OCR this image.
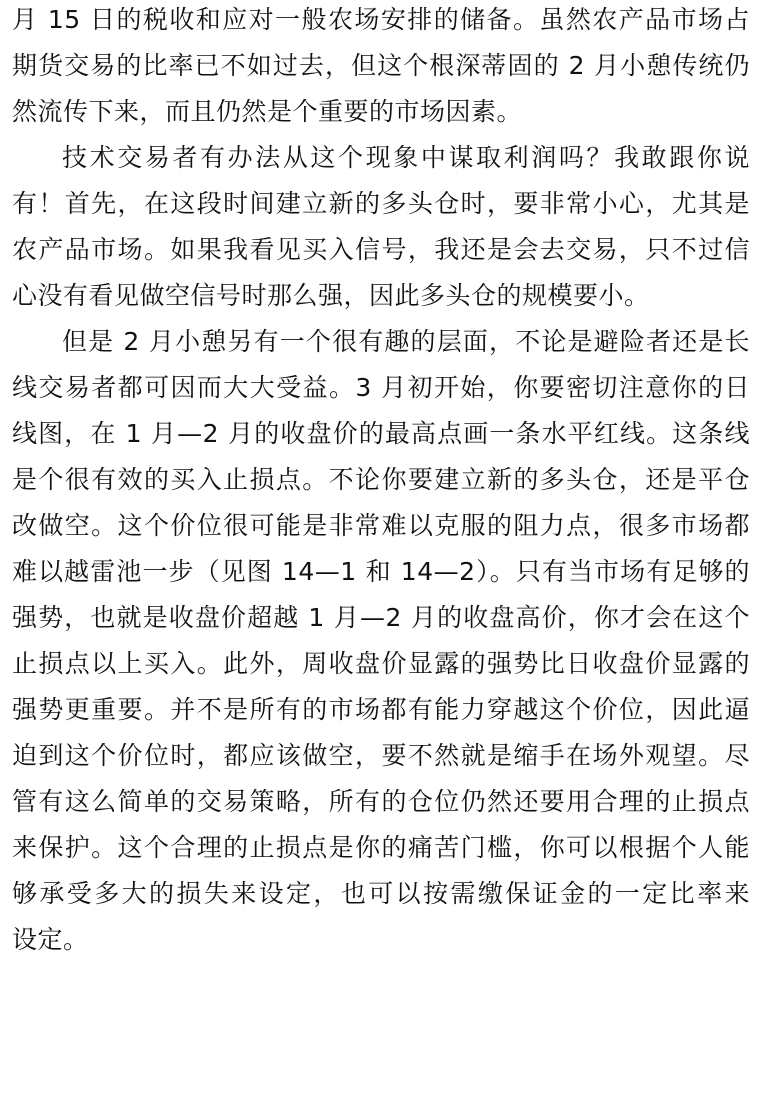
月 15 日的税收和应对一般农场安排的储备。虽然农产品市场占
期货交易的比率已不如过去，但这个根深蒂固的 2 月小憩传统仍
然流传下来，而且仍然是个重要的市场因素。
技术交易者有办法从这个现象中谋取利润吗？我敢跟你说
有！首先，在这段时间建立新的多头仓时，要非常小心，尤其是
农产品市场。如果我看见买入信号，我还是会去交易，只不过信
心没有看见做空信号时那么强，因此多头仓的规模要小。
但是 2 月小憩另有一个很有趣的层面，不论是避险者还是长
线交易者都可因而大大受益。3 月初开始，你要密切注意你的日
线图，在 1 月—2 月的收盘价的最高点画一条水平红线。这条线
是个很有效的买入止损点。不论你要建立新的多头仓，还是平仓
改做空。这个价位很可能是非常难以克服的阻力点，很多市场都
难以越雷池一步（见图 14—1 和 14—2）。只有当市场有足够的
强势，也就是收盘价超越 1 月—2 月的收盘高价，你才会在这个
止损点以上买入。此外，周收盘价显露的强势比日收盘价显露的
强势更重要。并不是所有的市场都有能力穿越这个价位，因此逼
迫到这个价位时，都应该做空，要不然就是缩手在场外观望。尽
管有这么简单的交易策略，所有的仓位仍然还要用合理的止损点
来保护。这个合理的止损点是你的痛苦门槛，你可以根据个人能
够承受多大的损失来设定，也可以按需缴保证金的一定比率来
设定。
